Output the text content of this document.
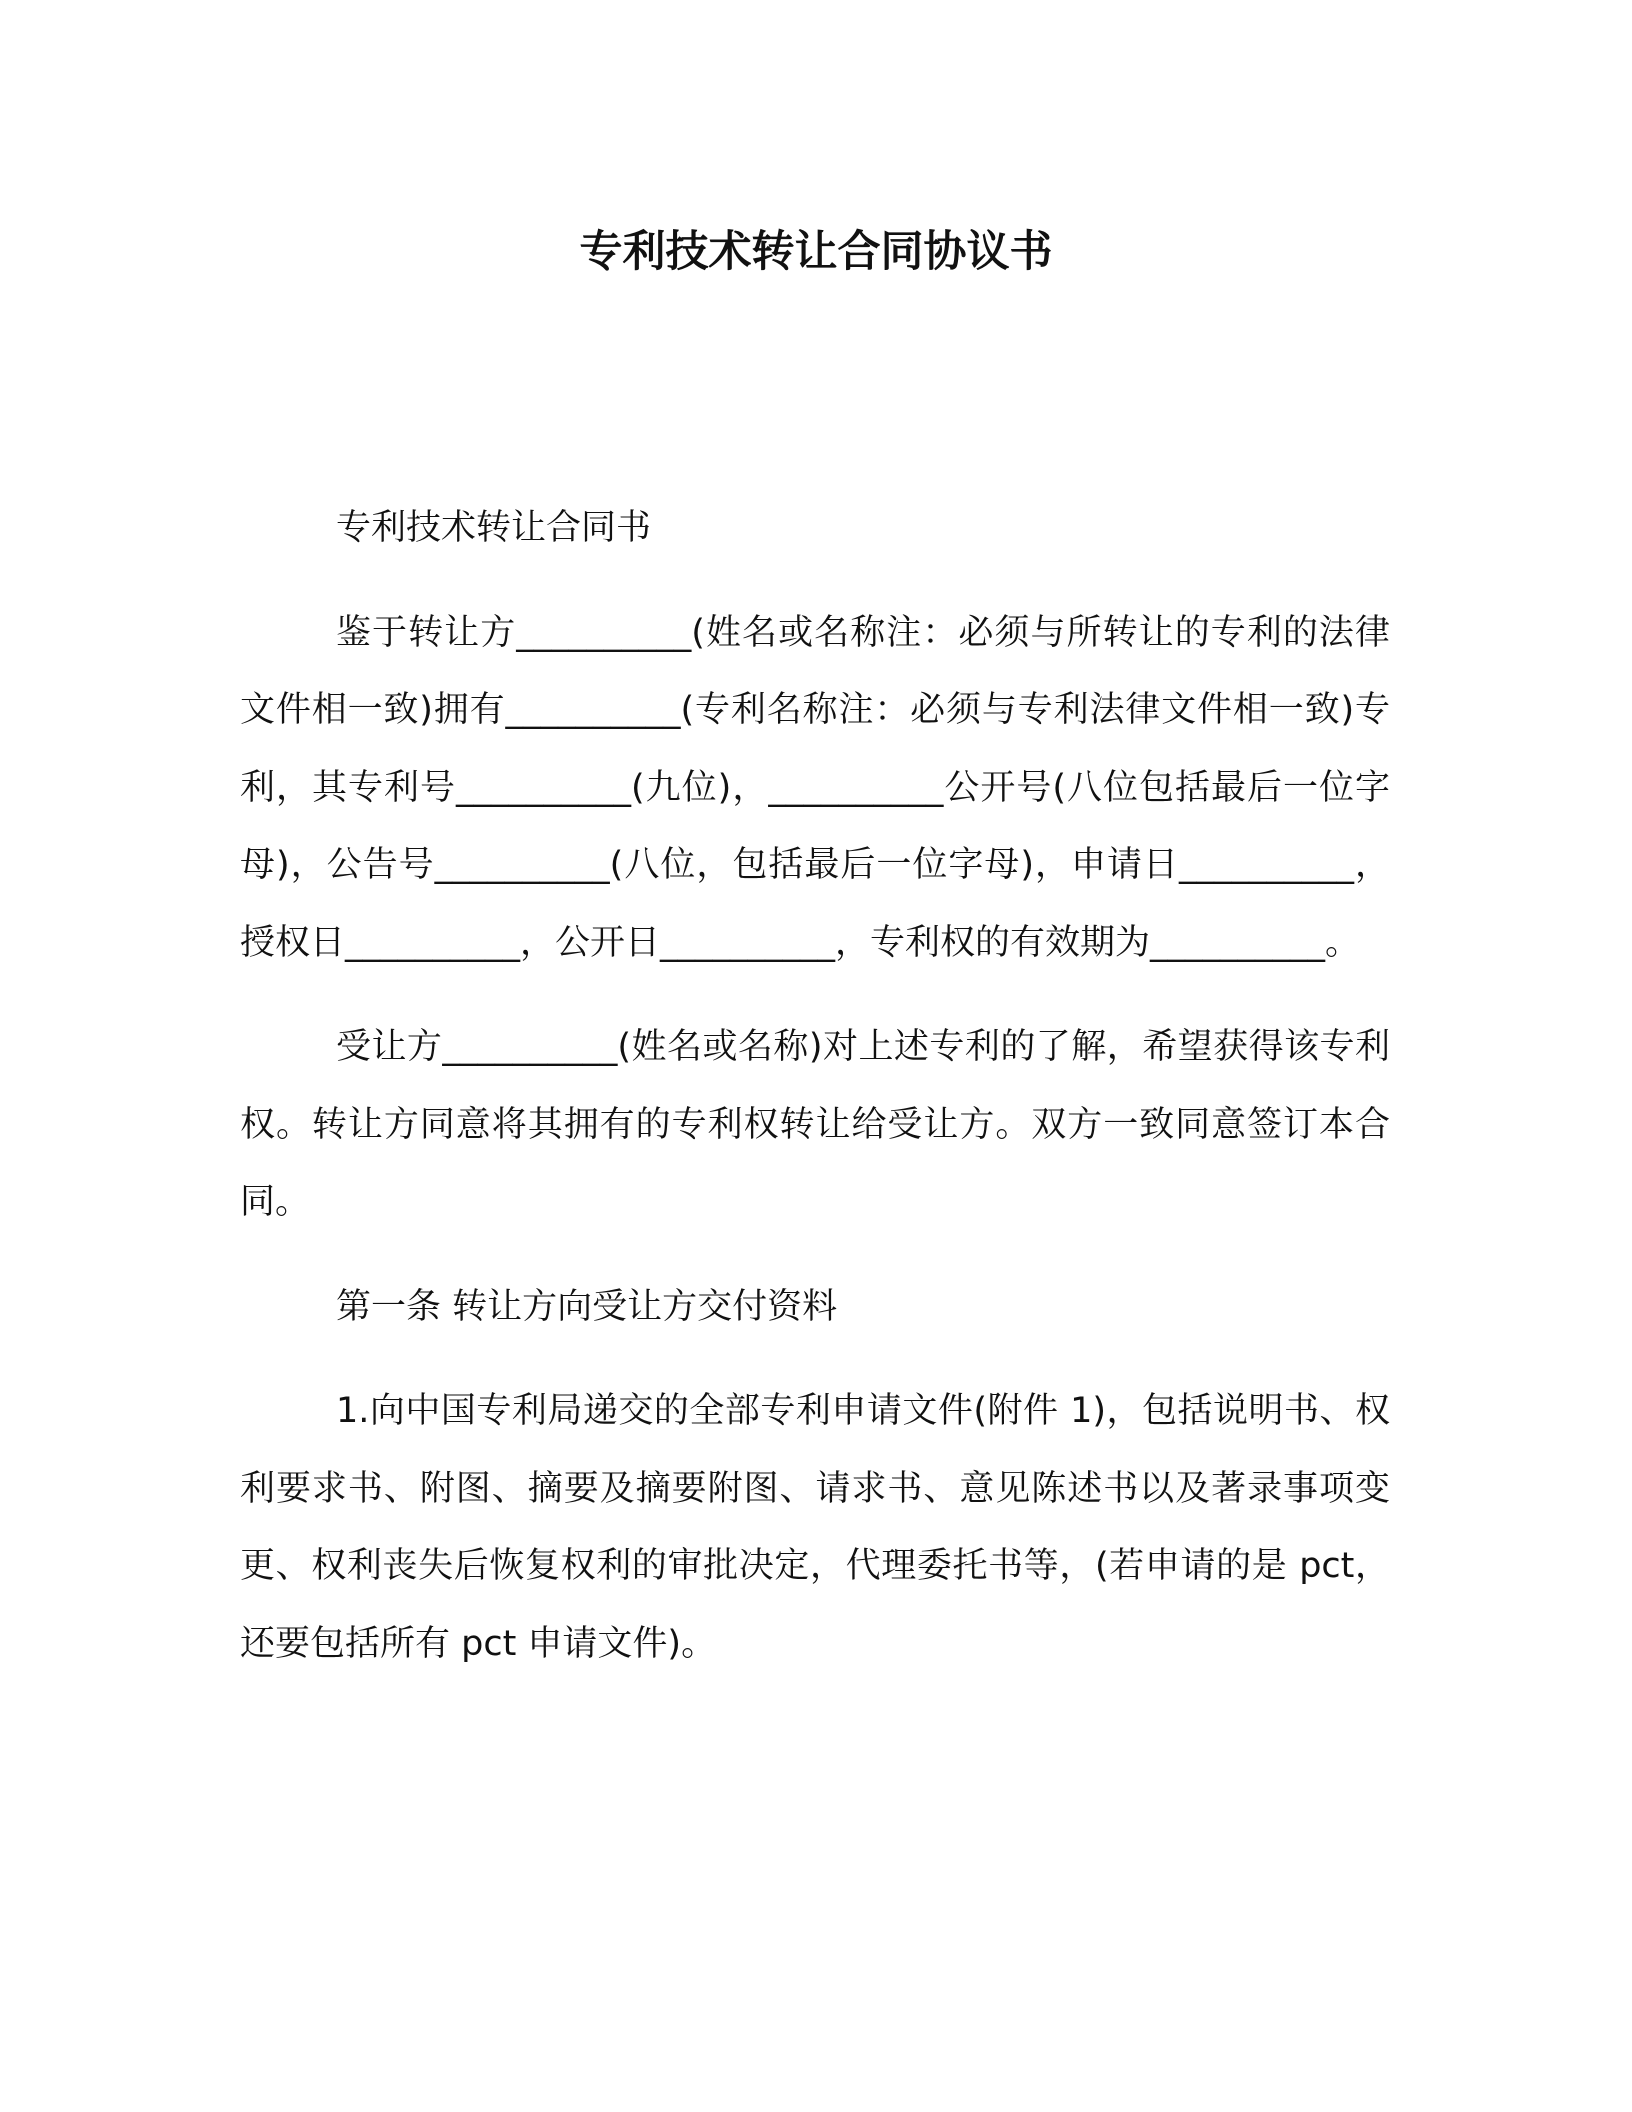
专利技术转让合同协议书

专利技术转让合同书

鉴于转让方__________(姓名或名称注：必须与所转让的专利的法律文件相一致)拥有__________(专利名称注：必须与专利法律文件相一致)专利，其专利号__________(九位)，__________公开号(八位包括最后一位字母)，公告号__________(八位，包括最后一位字母)，申请日__________，授权日__________，公开日__________，专利权的有效期为__________。

受让方__________(姓名或名称)对上述专利的了解，希望获得该专利权。转让方同意将其拥有的专利权转让给受让方。双方一致同意签订本合同。

第一条 转让方向受让方交付资料

1.向中国专利局递交的全部专利申请文件(附件 1)，包括说明书、权利要求书、附图、摘要及摘要附图、请求书、意见陈述书以及著录事项变更、权利丧失后恢复权利的审批决定，代理委托书等，(若申请的是 pct，还要包括所有 pct 申请文件)。
